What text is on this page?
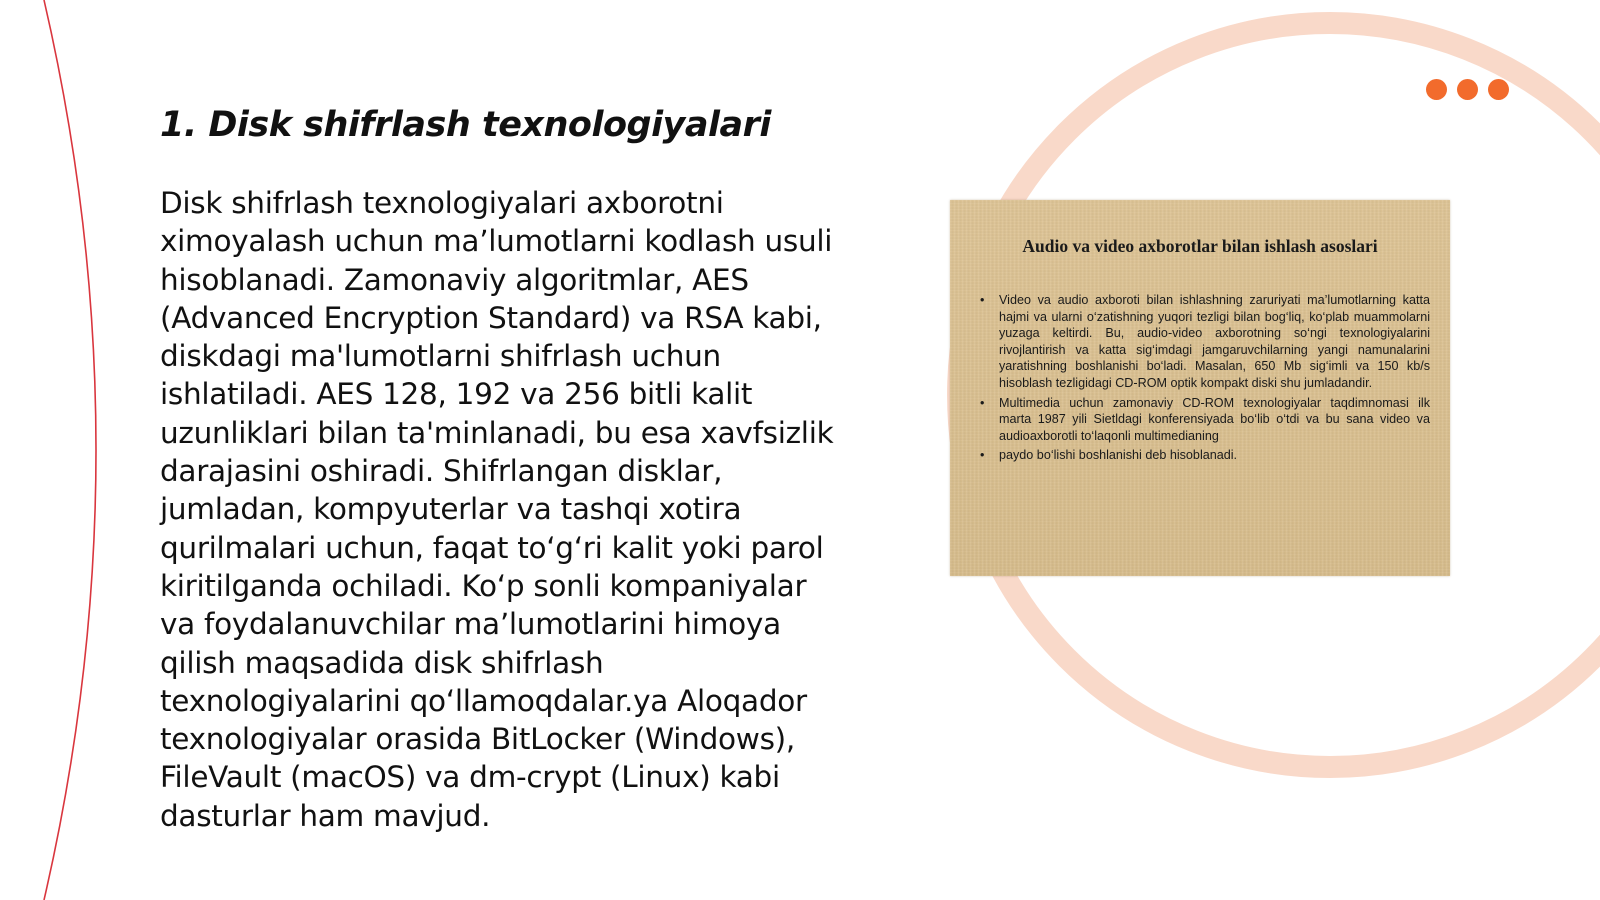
1. Disk shifrlash texnologiyalari

Disk shifrlash texnologiyalari axborotni ximoyalash uchun ma’lumotlarni kodlash usuli hisoblanadi. Zamonaviy algoritmlar, AES (Advanced Encryption Standard) va RSA kabi, diskdagi ma'lumotlarni shifrlash uchun ishlatiladi. AES 128, 192 va 256 bitli kalit uzunliklari bilan ta'minlanadi, bu esa xavfsizlik darajasini oshiradi. Shifrlangan disklar, jumladan, kompyuterlar va tashqi xotira qurilmalari uchun, faqat to‘g‘ri kalit yoki parol kiritilganda ochiladi. Ko‘p sonli kompaniyalar va foydalanuvchilar ma’lumotlarini himoya qilish maqsadida disk shifrlash texnologiyalarini qo‘llamoqdalar.ya Aloqador texnologiyalar orasida BitLocker (Windows), FileVault (macOS) va dm-crypt (Linux) kabi dasturlar ham mavjud.

Audio va video axborotlar bilan ishlash asoslari
• Video va audio axboroti bilan ishlashning zaruriyati ma’lumotlarning katta hajmi va ularni o‘zatishning yuqori tezligi bilan bog‘liq, ko‘plab muammolarni yuzaga keltirdi. Bu, audio-video axborotning so‘ngi texnologiyalarini rivojlantirish va katta sig‘imdagi jamgaruvchilarning yangi namunalarini yaratishning boshlanishi bo‘ladi. Masalan, 650 Mb sig‘imli va 150 kb/s hisoblash tezligidagi CD-ROM optik kompakt diski shu jumladandir.
• Multimedia uchun zamonaviy CD-ROM texnologiyalar taqdimnomasi ilk marta 1987 yili Sietldagi konferensiyada bo‘lib o‘tdi va bu sana video va audioaxborotli to‘laqonli multimedianing
• paydo bo‘lishi boshlanishi deb hisoblanadi.
